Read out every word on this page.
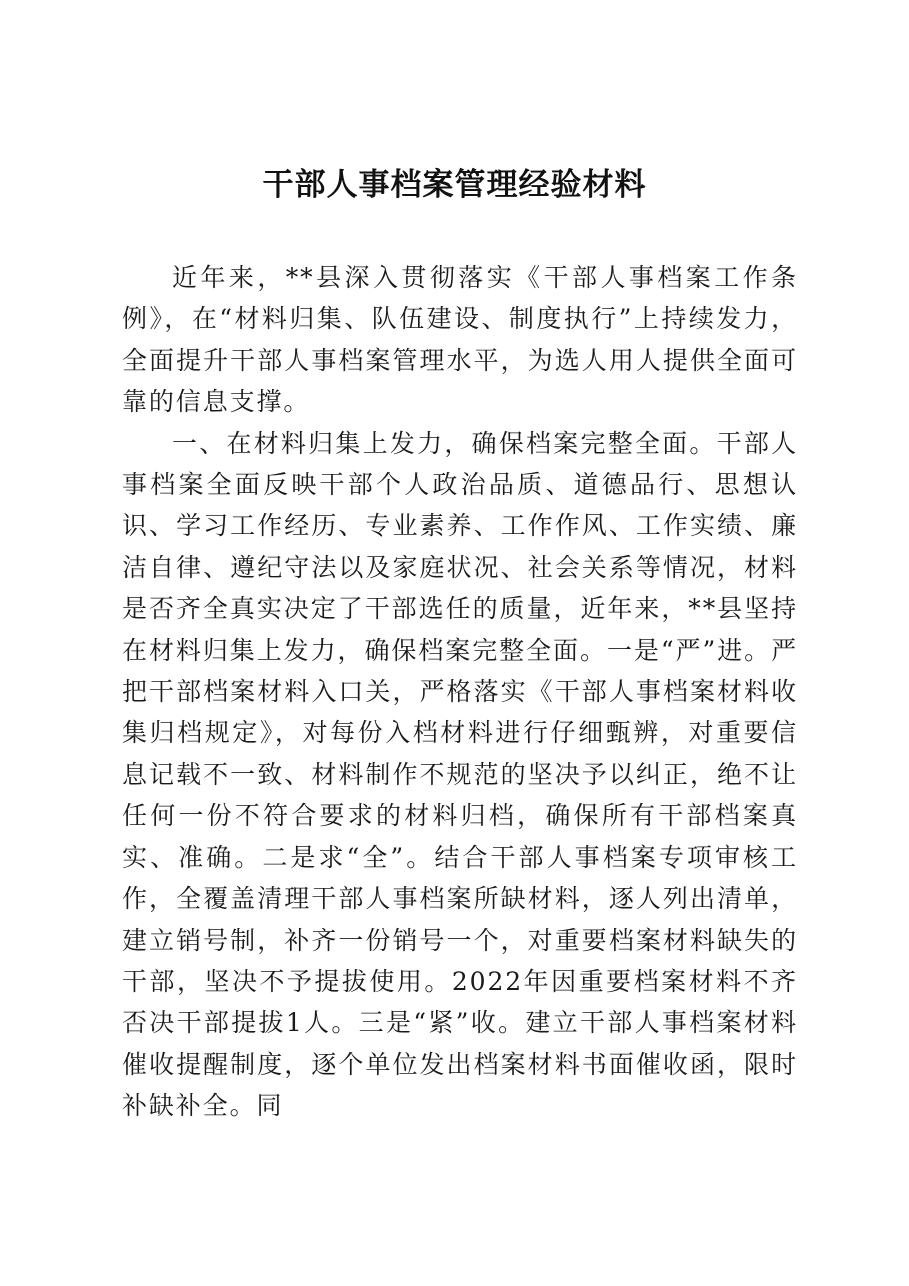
干部人事档案管理经验材料

近年来，**县深入贯彻落实《干部人事档案工作条例》，在“材料归集、队伍建设、制度执行”上持续发力，全面提升干部人事档案管理水平，为选人用人提供全面可靠的信息支撑。

一、在材料归集上发力，确保档案完整全面。干部人事档案全面反映干部个人政治品质、道德品行、思想认识、学习工作经历、专业素养、工作作风、工作实绩、廉洁自律、遵纪守法以及家庭状况、社会关系等情况，材料是否齐全真实决定了干部选任的质量，近年来，**县坚持在材料归集上发力，确保档案完整全面。一是“严”进。严把干部档案材料入口关，严格落实《干部人事档案材料收集归档规定》，对每份入档材料进行仔细甄辨，对重要信息记载不一致、材料制作不规范的坚决予以纠正，绝不让任何一份不符合要求的材料归档，确保所有干部档案真实、准确。二是求“全”。结合干部人事档案专项审核工作，全覆盖清理干部人事档案所缺材料，逐人列出清单，建立销号制，补齐一份销号一个，对重要档案材料缺失的干部，坚决不予提拔使用。2022年因重要档案材料不齐否决干部提拔1人。三是“紧”收。建立干部人事档案材料催收提醒制度，逐个单位发出档案材料书面催收函，限时补缺补全。同
